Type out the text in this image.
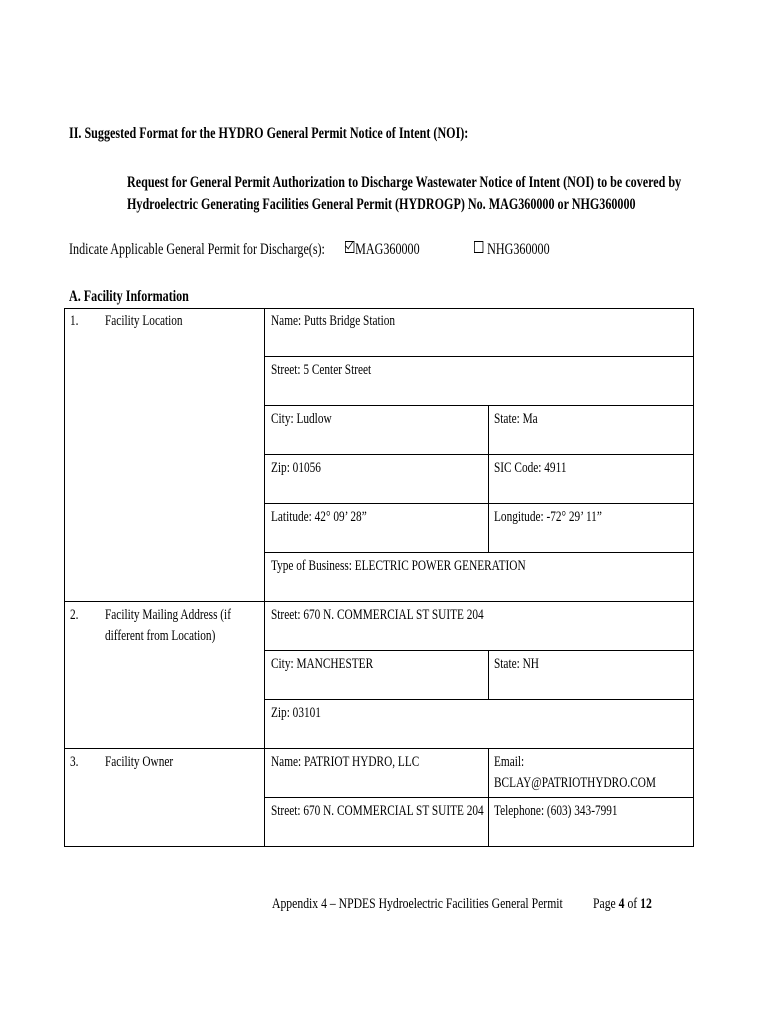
II. Suggested Format for the HYDRO General Permit Notice of Intent (NOI):
Request for General Permit Authorization to Discharge Wastewater Notice of Intent (NOI) to be covered by
Hydroelectric Generating Facilities General Permit (HYDROGP) No. MAG360000 or NHG360000
Indicate Applicable General Permit for Discharge(s):	MAG360000	NHG360000
A. Facility Information
1. Facility Location	Name: Putts Bridge Station
Street: 5 Center Street
City: Ludlow	State: Ma
Zip: 01056	SIC Code: 4911
Latitude: 42° 09’ 28”	Longitude: -72° 29’ 11”
Type of Business: ELECTRIC POWER GENERATION
2. Facility Mailing Address (if
different from Location)
Street: 670 N. COMMERCIAL ST SUITE 204
City: MANCHESTER	State: NH
Zip: 03101
3. Facility Owner	Name: PATRIOT HYDRO, LLC	Email:
BCLAY@PATRIOTHYDRO.COM
Street: 670 N. COMMERCIAL ST SUITE 204 Telephone: (603) 343-7991
Appendix 4 – NPDES Hydroelectric Facilities General Permit	Page 4 of 12
